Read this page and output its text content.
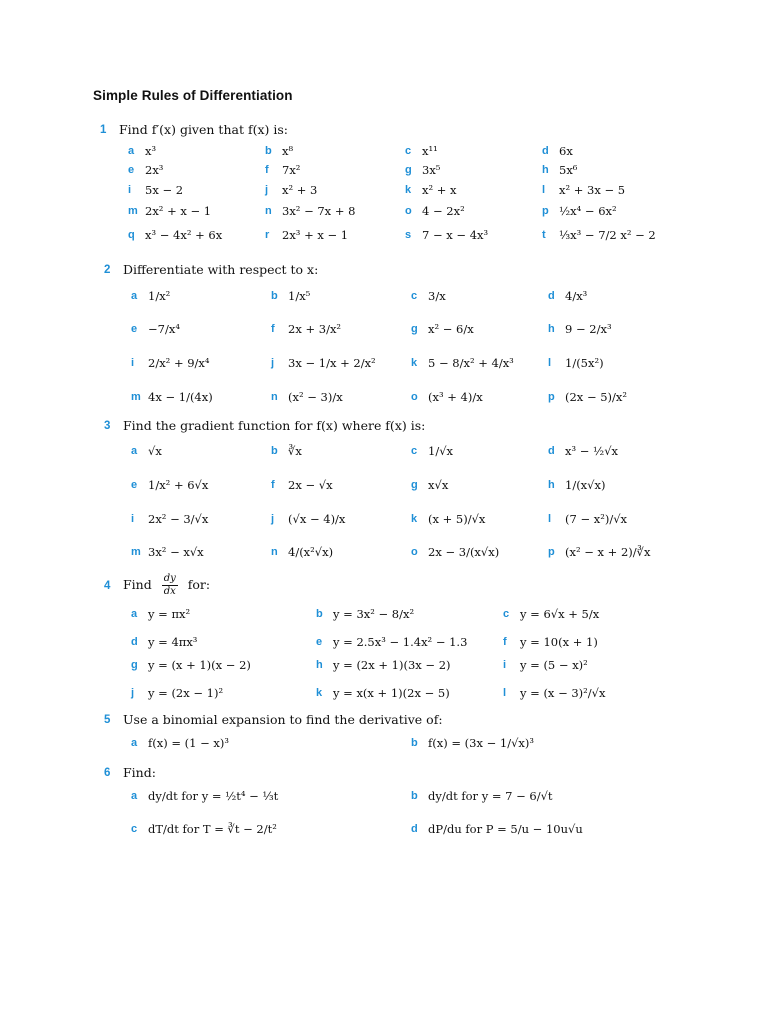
Simple Rules of Differentiation
1 Find f′(x) given that f(x) is:
a x³	b x⁸	c x¹¹	d 6x
e 2x³	f 7x²	g 3x⁵	h 5x⁶
i 5x − 2	j x² + 3	k x² + x	l x² + 3x − 5
m 2x² + x − 1	n 3x² − 7x + 8	o 4 − 2x²	p ½x⁴ − 6x²
q x³ − 4x² + 6x	r 2x³ + x − 1	s 7 − x − 4x³	t ⅓x³ − 7/2 x² − 2
2 Differentiate with respect to x:
a 1/x²	b 1/x⁵	c 3/x	d 4/x³
e −7/x⁴	f 2x + 3/x²	g x² − 6/x	h 9 − 2/x³
i 2/x² + 9/x⁴	j 3x − 1/x + 2/x²	k 5 − 8/x² + 4/x³	l 1/(5x²)
m 4x − 1/(4x)	n (x² − 3)/x	o (x³ + 4)/x	p (2x − 5)/x²
3 Find the gradient function for f(x) where f(x) is:
a √x	b ∛x	c 1/√x	d x³ − ½√x
e 1/x² + 6√x	f 2x − √x	g x√x	h 1/(x√x)
i 2x² − 3/√x	j (√x − 4)/x	k (x + 5)/√x	l (7 − x²)/√x
m 3x² − x√x	n 4/(x²√x)	o 2x − 3/(x√x)	p (x² − x + 2)/∛x
4 Find $\frac{dy}{dx}$ for:
a y = πx²	b y = 3x² − 8/x²	c y = 6√x + 5/x
d y = 4πx³	e y = 2.5x³ − 1.4x² − 1.3	f y = 10(x + 1)
g y = (x + 1)(x − 2)	h y = (2x + 1)(3x − 2)	i y = (5 − x)²
j y = (2x − 1)²	k y = x(x + 1)(2x − 5)	l y = (x − 3)²/√x
5 Use a binomial expansion to find the derivative of:
a f(x) = (1 − x)³	b f(x) = (3x − 1/√x)³
6 Find:
a dy/dt for y = ½t⁴ − ⅓t	b dy/dt for y = 7 − 6/√t
c dT/dt for T = ∛t − 2/t²	d dP/du for P = 5/u − 10u√u
